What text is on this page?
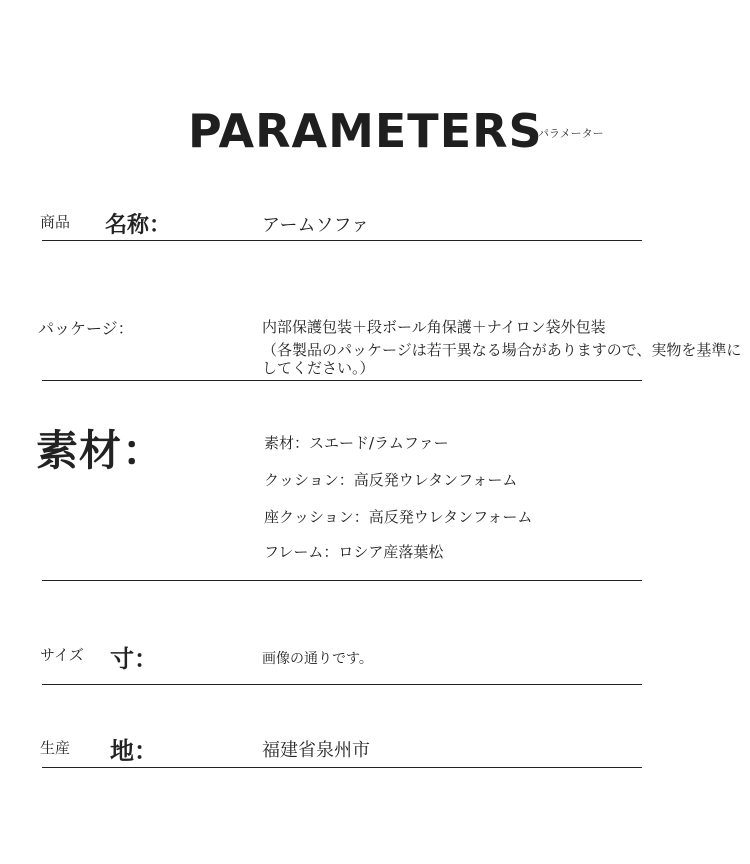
PARAMETERS
パラメーター
商品 名称：	アームソファ
パッケージ：	内部保護包装＋段ボール角保護＋ナイロン袋外包装
（各製品のパッケージは若干異なる場合がありますので、実物を基準に
してください。）
素材：	素材：スエード/ラムファー
クッション：高反発ウレタンフォーム
座クッション：高反発ウレタンフォーム
フレーム：ロシア産落葉松
サイズ 寸：	画像の通りです。
生産 地：	福建省泉州市
